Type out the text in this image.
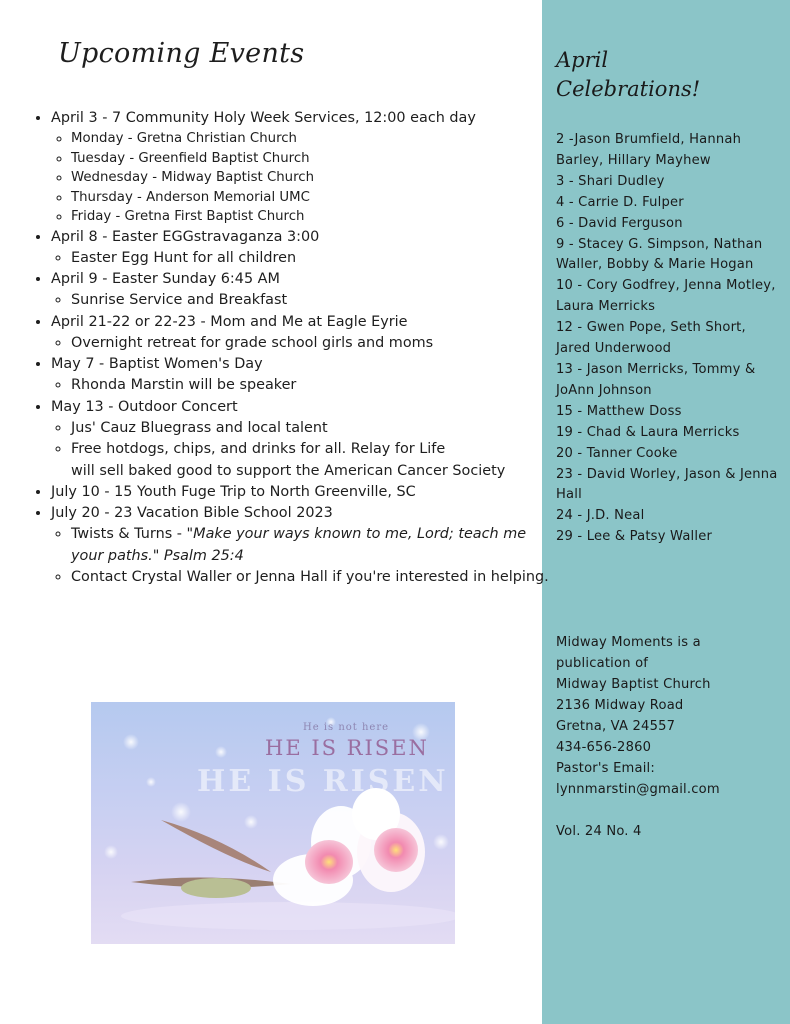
Upcoming Events
• April 3 - 7 Community Holy Week Services, 12:00 each day
◦ Monday - Gretna Christian Church
◦ Tuesday - Greenfield Baptist Church
◦ Wednesday - Midway Baptist Church
◦ Thursday - Anderson Memorial UMC
◦ Friday - Gretna First Baptist Church
• April 8 - Easter EGGstravaganza 3:00
◦ Easter Egg Hunt for all children
• April 9 - Easter Sunday 6:45 AM
◦ Sunrise Service and Breakfast
• April 21-22 or 22-23 - Mom and Me at Eagle Eyrie
◦ Overnight retreat for grade school girls and moms
• May 7 - Baptist Women's Day
◦ Rhonda Marstin will be speaker
• May 13 - Outdoor Concert
◦ Jus' Cauz Bluegrass and local talent
◦ Free hotdogs, chips, and drinks for all. Relay for Life
will sell baked good to support the American Cancer Society
• July 10 - 15 Youth Fuge Trip to North Greenville, SC
• July 20 - 23 Vacation Bible School 2023
◦ Twists & Turns - "Make your ways known to me, Lord; teach me your paths." Psalm 25:4
◦ Contact Crystal Waller or Jenna Hall if you're interested in helping.
He is not here
HE IS RISEN
HE IS RISEN
April
Celebrations!
2 -Jason Brumfield, Hannah Barley, Hillary Mayhew
3 - Shari Dudley
4 - Carrie D. Fulper
6 - David Ferguson
9 - Stacey G. Simpson, Nathan Waller, Bobby & Marie Hogan
10 - Cory Godfrey, Jenna Motley, Laura Merricks
12 - Gwen Pope, Seth Short, Jared Underwood
13 - Jason Merricks, Tommy & JoAnn Johnson
15 - Matthew Doss
19 - Chad & Laura Merricks
20 - Tanner Cooke
23 - David Worley, Jason & Jenna Hall
24 - J.D. Neal
29 - Lee & Patsy Waller
Midway Moments is a
publication of
Midway Baptist Church
2136 Midway Road
Gretna, VA 24557
434-656-2860
Pastor's Email:
lynnmarstin@gmail.com
Vol. 24 No. 4
